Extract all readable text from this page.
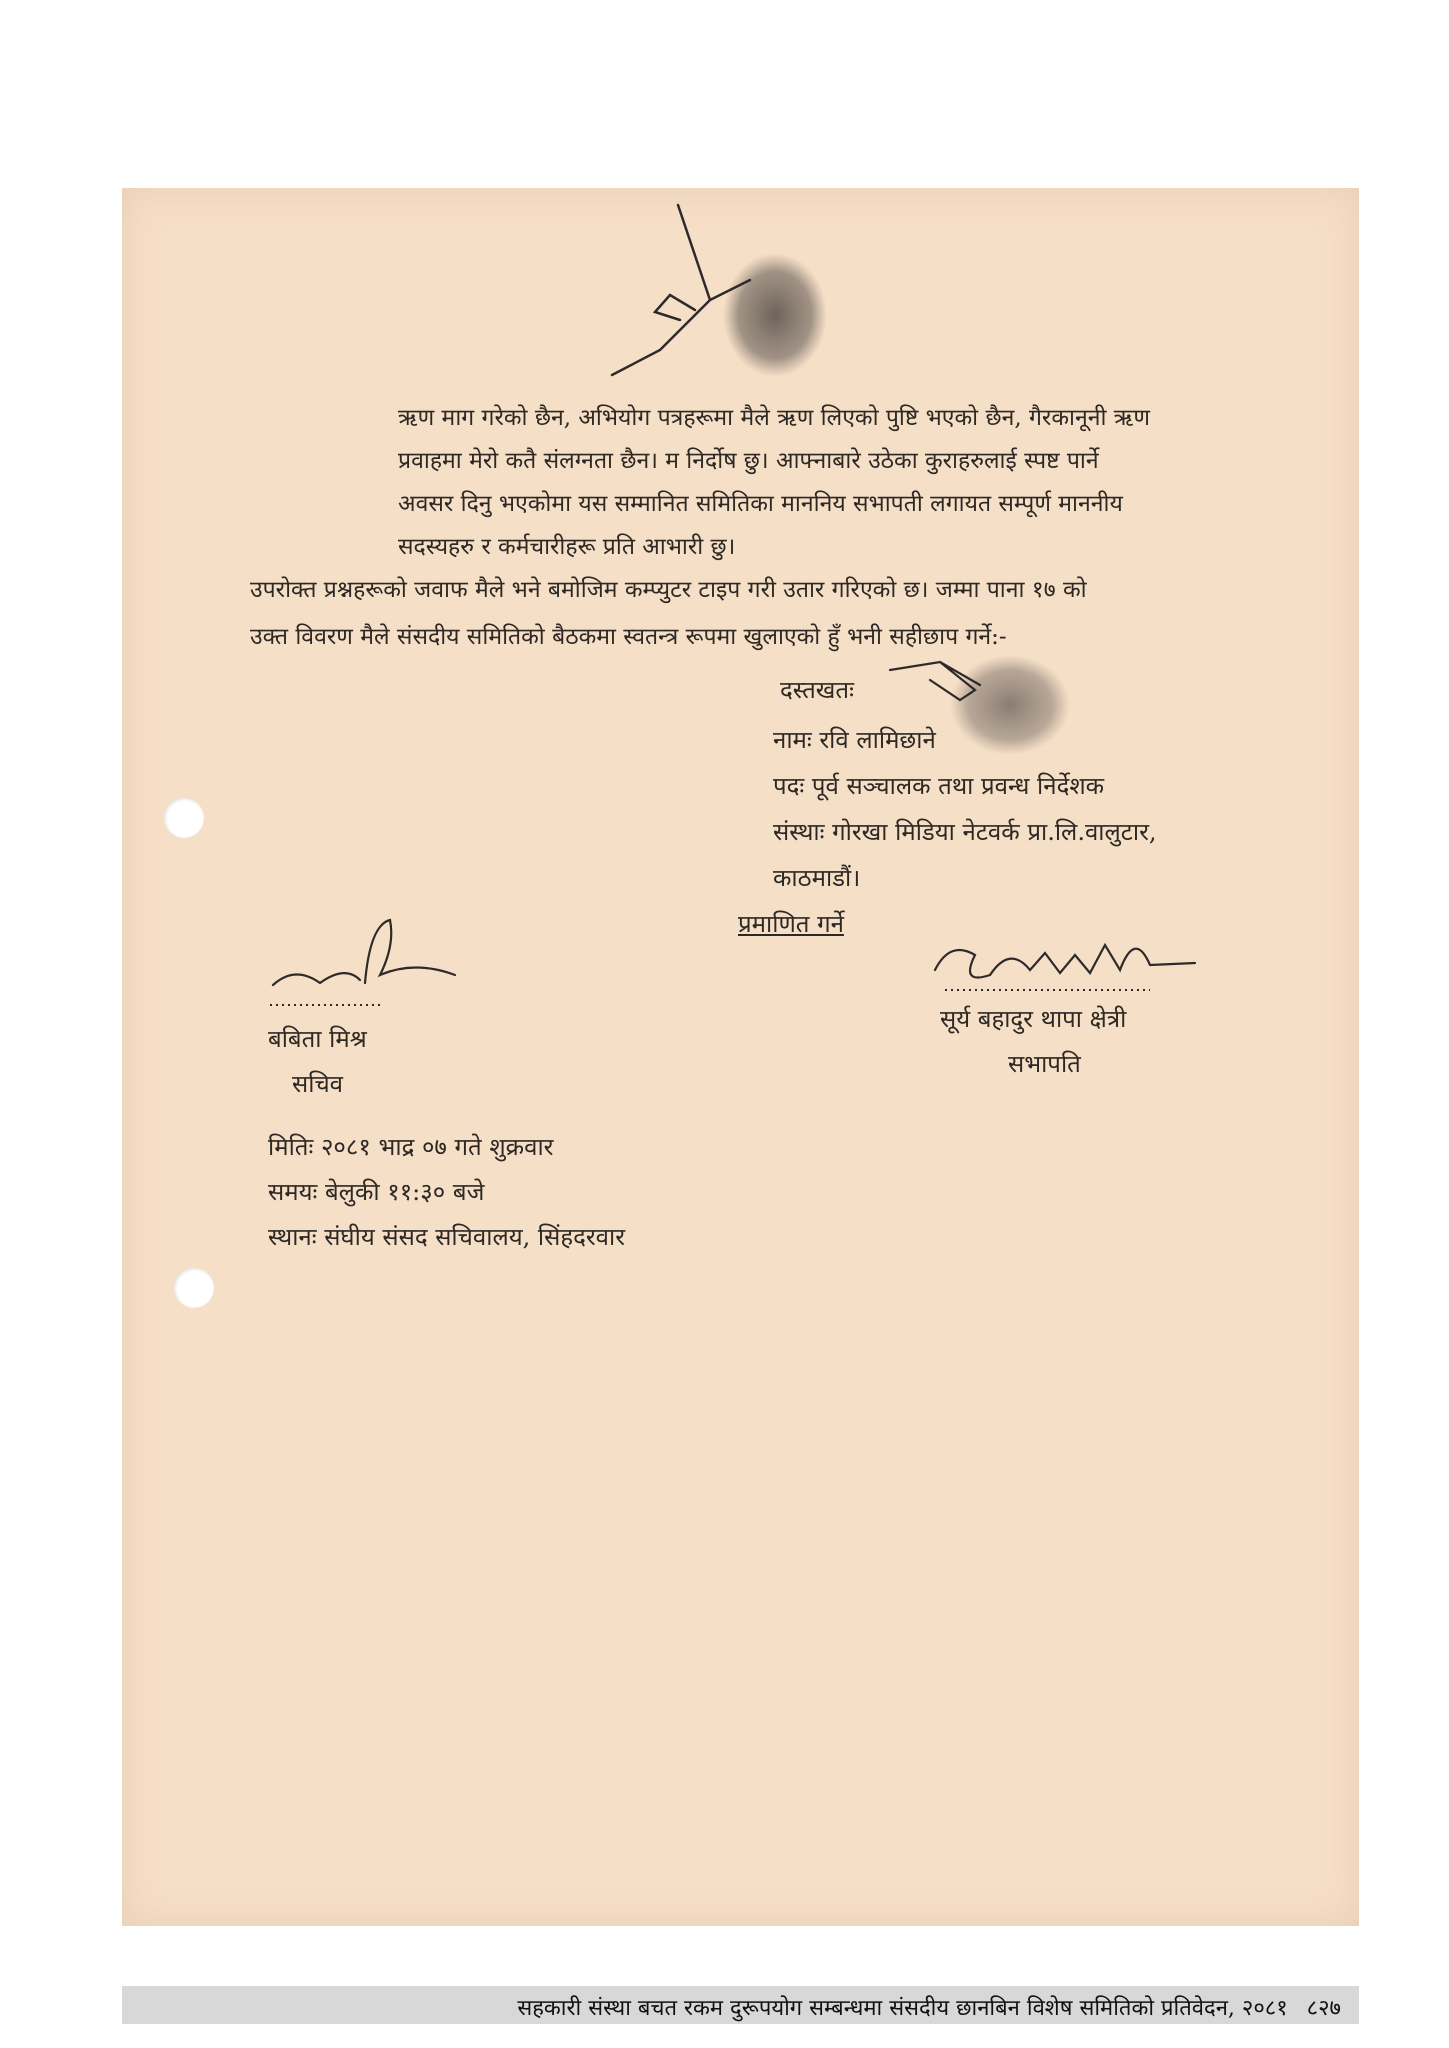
ऋण माग गरेको छैन, अभियोग पत्रहरूमा मैले ऋण लिएको पुष्टि भएको छैन, गैरकानूनी ऋण
प्रवाहमा मेरो कतै संलग्नता छैन। म निर्दोष छु। आफ्नाबारे उठेका कुराहरुलाई स्पष्ट पार्ने
अवसर दिनु भएकोमा यस सम्मानित समितिका माननिय सभापती लगायत सम्पूर्ण माननीय
सदस्यहरु र कर्मचारीहरू प्रति आभारी छु।
उपरोक्त प्रश्नहरूको जवाफ मैले भने बमोजिम कम्प्युटर टाइप गरी उतार गरिएको छ। जम्मा पाना १७ को
उक्त विवरण मैले संसदीय समितिको बैठकमा स्वतन्त्र रूपमा खुलाएको हुँ भनी सहीछाप गर्ने:-
दस्तखतः
नामः रवि लामिछाने
पदः पूर्व सञ्चालक तथा प्रवन्ध निर्देशक
संस्थाः गोरखा मिडिया नेटवर्क प्रा.लि.वालुटार,
काठमाडौं।
प्रमाणित गर्ने
बबिता मिश्र
सचिव
सूर्य बहादुर थापा क्षेत्री
सभापति
मितिः २०८१ भाद्र ०७ गते शुक्रवार
समयः बेलुकी ११:३० बजे
स्थानः संघीय संसद सचिवालय, सिंहदरवार
सहकारी संस्था बचत रकम दुरूपयोग सम्बन्धमा संसदीय छानबिन विशेष समितिको प्रतिवेदन, २०८१ ८२७
